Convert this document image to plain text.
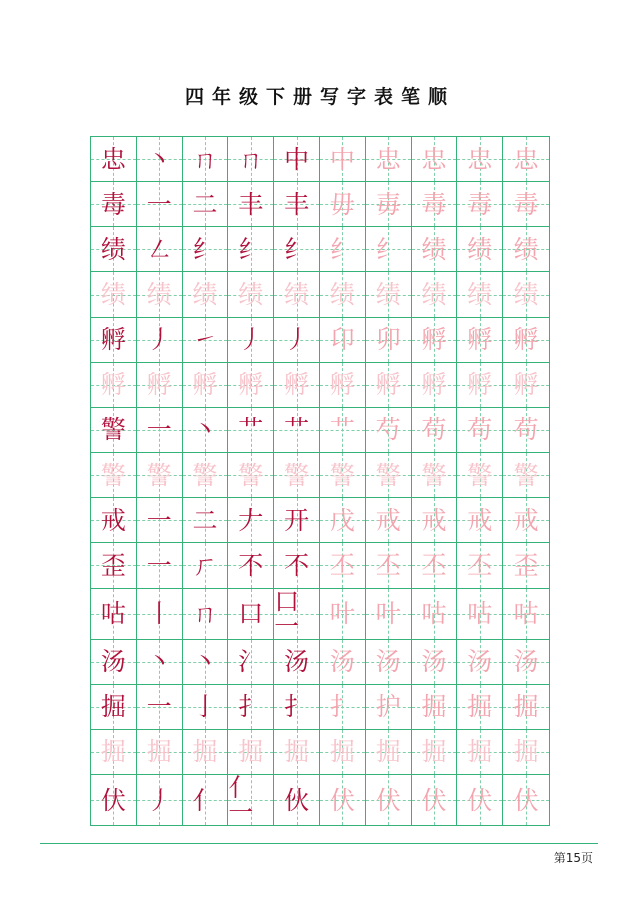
四年级下册写字表笔顺
忠 丶 ㄇ ㄇ 中 中 忠 忠 忠 忠
毒 一 二 丰 丰 毋 毐 毒 毒 毒
绩 ㇜ 纟 纟 纟 纟 纟 绩 绩 绩
绩 绩 绩 绩 绩 绩 绩 绩 绩 绩
孵 丿 ㇀ 丿 丿 卬 卯 孵 孵 孵
孵 孵 孵 孵 孵 孵 孵 孵 孵 孵
警 一 丶 艹 艹 艹 芍 苟 苟 苟
警 警 警 警 警 警 警 警 警 警
戒 一 二 𠂇 开 戊 戒 戒 戒 戒
歪 一 ㄏ 不 不 丕 丕 丕 丕 歪
咕 丨 ㄇ 口 口一	叶 叶 咕 咕 咕
汤 丶 丶 氵 汤 汤 汤 汤 汤 汤
掘 一 亅 扌 扌 扌 护 掘 掘 掘
掘 掘 掘 掘 掘 掘 掘 掘 掘 掘
伏 丿 亻 亻一	伙 伏 伏 伏 伏 伏
第15页
